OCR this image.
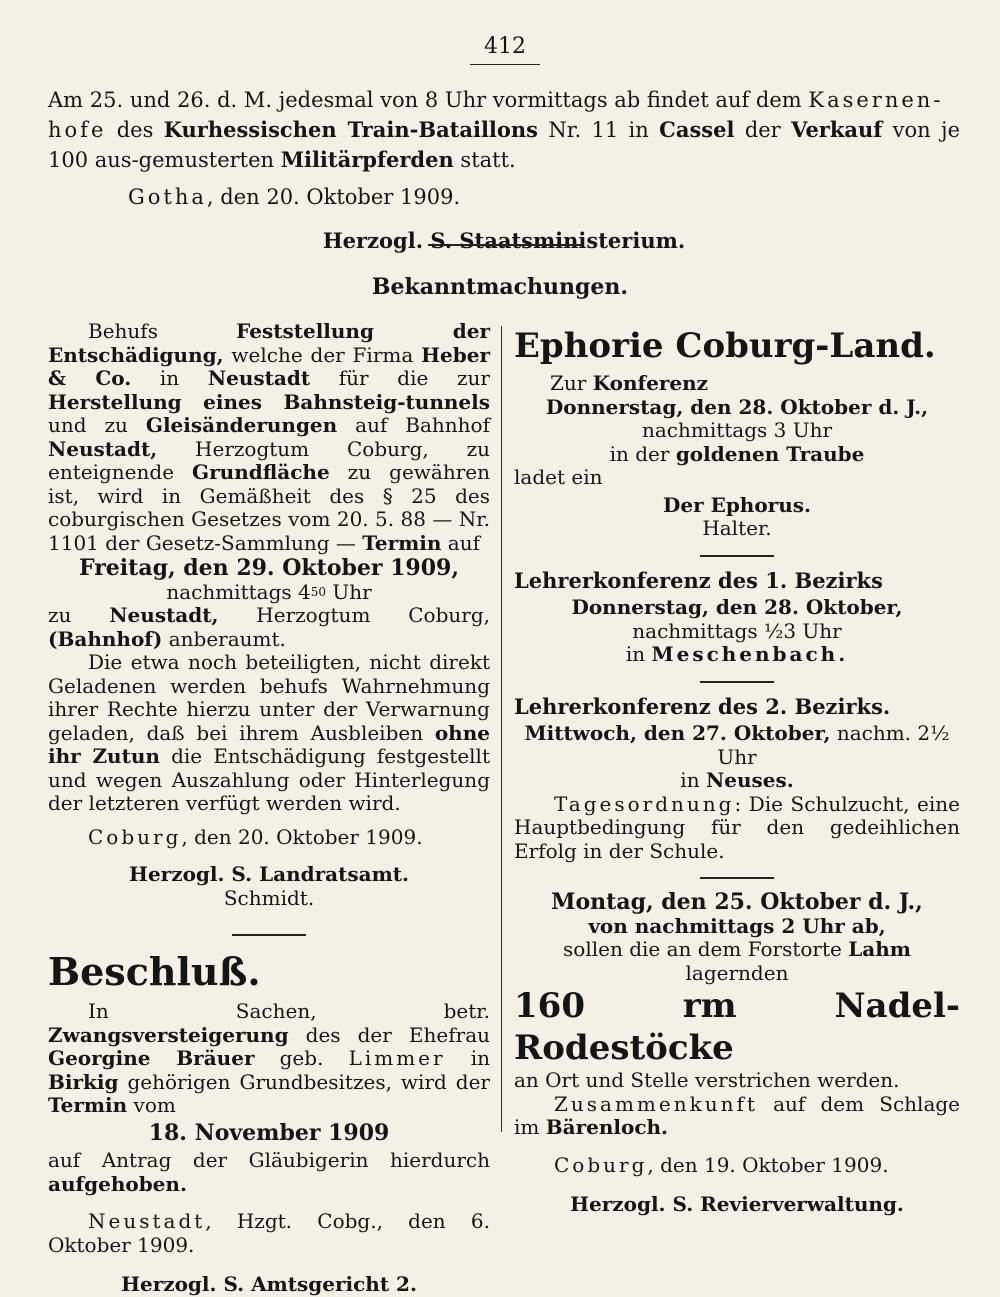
412

Am 25. und 26. d. M. jedesmal von 8 Uhr vormittags ab findet auf dem Kasernen-
hofe des Kurhessischen Train-Bataillons Nr. 11 in Cassel der Verkauf von je 100 aus-gemusterten Militärpferden statt.

Gotha, den 20. Oktober 1909.

Herzogl. S. Staatsministerium.

Bekanntmachungen.

Behufs Feststellung der Entschädigung, welche der Firma Heber & Co. in Neustadt für die zur Herstellung eines Bahnsteig-tunnels und zu Gleisänderungen auf Bahnhof Neustadt, Herzogtum Coburg, zu enteignende Grundfläche zu gewähren ist, wird in Gemäßheit des § 25 des coburgischen Gesetzes vom 20. 5. 88 — Nr. 1101 der Gesetz-Sammlung — Termin auf

Freitag, den 29. Oktober 1909,

nachmittags $4^{50}$ Uhr

zu Neustadt, Herzogtum Coburg, (Bahnhof) anberaumt.

Die etwa noch beteiligten, nicht direkt Geladenen werden behufs Wahrnehmung ihrer Rechte hierzu unter der Verwarnung geladen, daß bei ihrem Ausbleiben ohne ihr Zutun die Entschädigung festgestellt und wegen Auszahlung oder Hinterlegung der letzteren verfügt werden wird.

Coburg, den 20. Oktober 1909.

Herzogl. S. Landratsamt.

Schmidt.

Beschluß.

In Sachen, betr. Zwangsversteigerung des der Ehefrau Georgine Bräuer geb. Limmer in Birkig gehörigen Grundbesitzes, wird der Termin vom

18. November 1909

auf Antrag der Gläubigerin hierdurch aufgehoben.

Neustadt, Hzgt. Cobg., den 6. Oktober 1909.

Herzogl. S. Amtsgericht 2.

Ephorie Coburg-Land.

Zur Konferenz

Donnerstag, den 28. Oktober d. J.,

nachmittags 3 Uhr

in der goldenen Traube

ladet ein

Der Ephorus.

Halter.

Lehrerkonferenz des 1. Bezirks

Donnerstag, den 28. Oktober,

nachmittags ½3 Uhr

in Meschenbach.

Lehrerkonferenz des 2. Bezirks.

Mittwoch, den 27. Oktober, nachm. 2½ Uhr

in Neuses.

Tagesordnung: Die Schulzucht, eine Hauptbedingung für den gedeihlichen Erfolg in der Schule.

Montag, den 25. Oktober d. J.,

von nachmittags 2 Uhr ab,

sollen die an dem Forstorte Lahm lagernden

160 rm Nadel-Rodestöcke

an Ort und Stelle verstrichen werden.

Zusammenkunft auf dem Schlage im Bärenloch.

Coburg, den 19. Oktober 1909.

Herzogl. S. Revierverwaltung.
